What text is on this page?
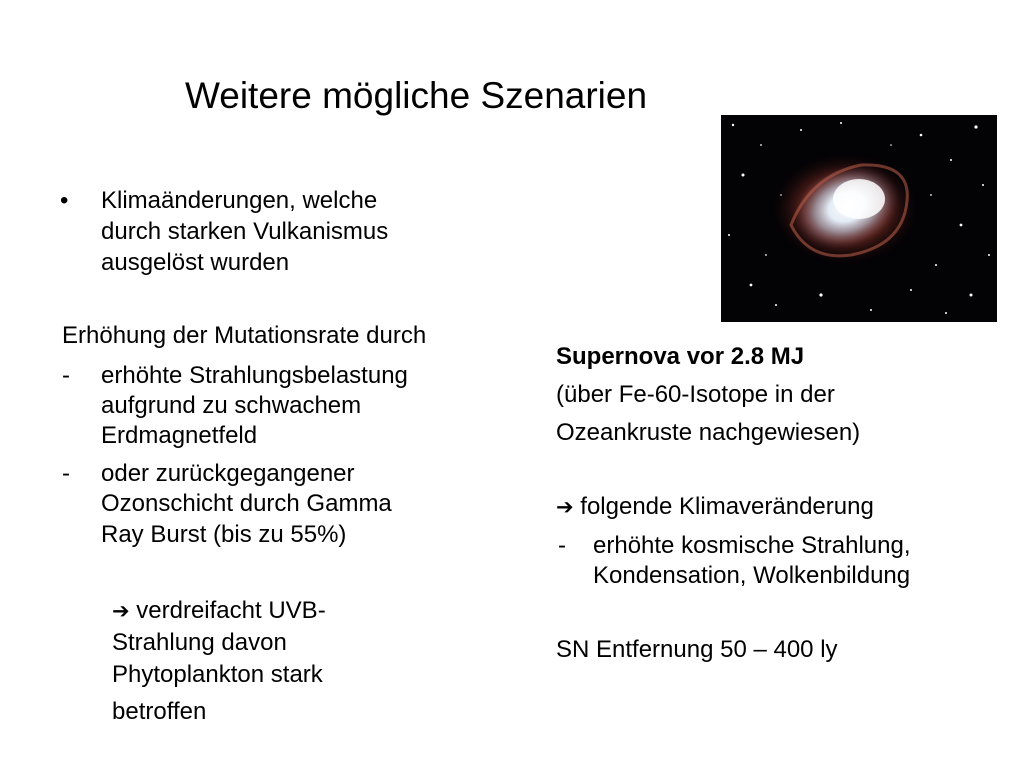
Weitere mögliche Szenarien
• Klimaänderungen, welche
durch starken Vulkanismus
ausgelöst wurden
Erhöhung der Mutationsrate durch
- erhöhte Strahlungsbelastung
aufgrund zu schwachem
Erdmagnetfeld
- oder zurückgegangener
Ozonschicht durch Gamma
Ray Burst (bis zu 55%)
➔ verdreifacht UVB-
Strahlung davon
Phytoplankton stark
betroffen
Supernova vor 2.8 MJ
(über Fe-60-Isotope in der
Ozeankruste nachgewiesen)
➔ folgende Klimaveränderung
- erhöhte kosmische Strahlung,
Kondensation, Wolkenbildung
SN Entfernung 50 – 400 ly
